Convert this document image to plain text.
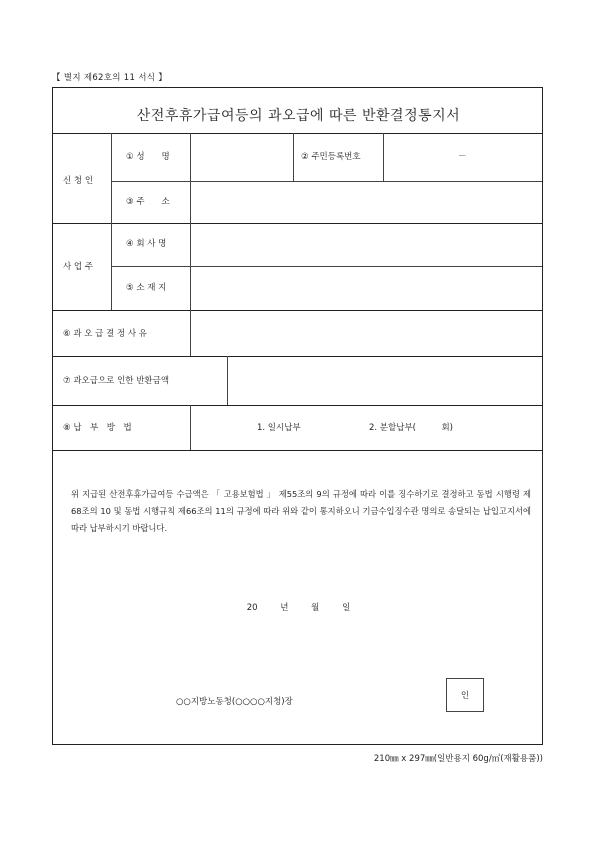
【 별지 제62호의 11 서식 】
산전후휴가급여등의 과오급에 따른 반환결정통지서
신 청 인
① 성　　명	② 주민등록번호	－
③ 주　　소
사 업 주
④ 회 사 명
⑤ 소 재 지
⑥ 과 오 급 결 정 사 유
⑦ 과오급으로 인한 반환금액
⑧ 납　부　방　법	1. 일시납부	2. 분할납부(　　　회)
위 지급된 산전후휴가급여등 수급액은 「 고용보험법 」 제55조의 9의 규정에 따라 이를 징수하기로 결정하고 동법 시행령 제68조의 10 및 동법 시행규칙 제66조의 11의 규정에 따라 위와 같이 통지하오니 기금수입징수관 명의로 송달되는 납입고지서에 따라 납부하시기 바랍니다.
20 년 월 일
○○지방노동청(○○○○지청)장
인
210㎜ x 297㎜(일반용지 60g/㎡(재활용품))
